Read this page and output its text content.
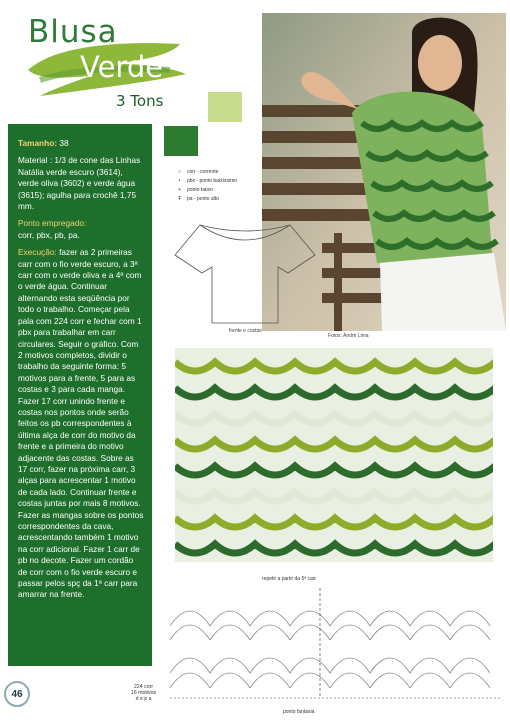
Blusa
Verde
3 Tons

Tamanho: 38

Material : 1/3 de cone das Linhas Natália verde escuro (3614), verde oliva (3602) e verde água (3615); agulha para crochê 1,75 mm.

Ponto empregado:

corr, pbx, pb, pa.

Execução: fazer as 2 primeiras carr com o fio verde escuro, a 3ª carr com o verde oliva e a 4ª com o verde água. Continuar alternando esta seqüência por todo o trabalho. Começar pela pala com 224 corr e fechar com 1 pbx para trabalhar em carr circulares. Seguir o gráfico. Com 2 motivos completos, dividir o trabalho da seguinte forma: 5 motivos para a frente, 5 para as costas e 3 para cada manga. Fazer 17 corr unindo frente e costas nos pontos onde serão feitos os pb correspondentes à última alça de corr do motivo da frente e a primeira do motivo adjacente das costas. Sobre as 17 corr, fazer na próxima carr, 3 alças para acrescentar 1 motivo de cada lado. Continuar frente e costas juntas por mais 8 motivos. Fazer as mangas sobre os pontos correspondentes da cava, acrescentando também 1 motivo na corr adicional. Fazer 1 carr de pb no decote. Fazer um cordão de corr com o fio verde escuro e passar pelos spç da 1ª carr para amarrar na frente.

Fotos: André Lima
○	corr - corrente
•	pbx - ponto baixíssimo
+	ponto baixo
Ŧ	pa - ponto alto
frente e costas
repetir a partir da 5ª carr
224 corr
16 motivos
d e p a
ponto fantasia
46
